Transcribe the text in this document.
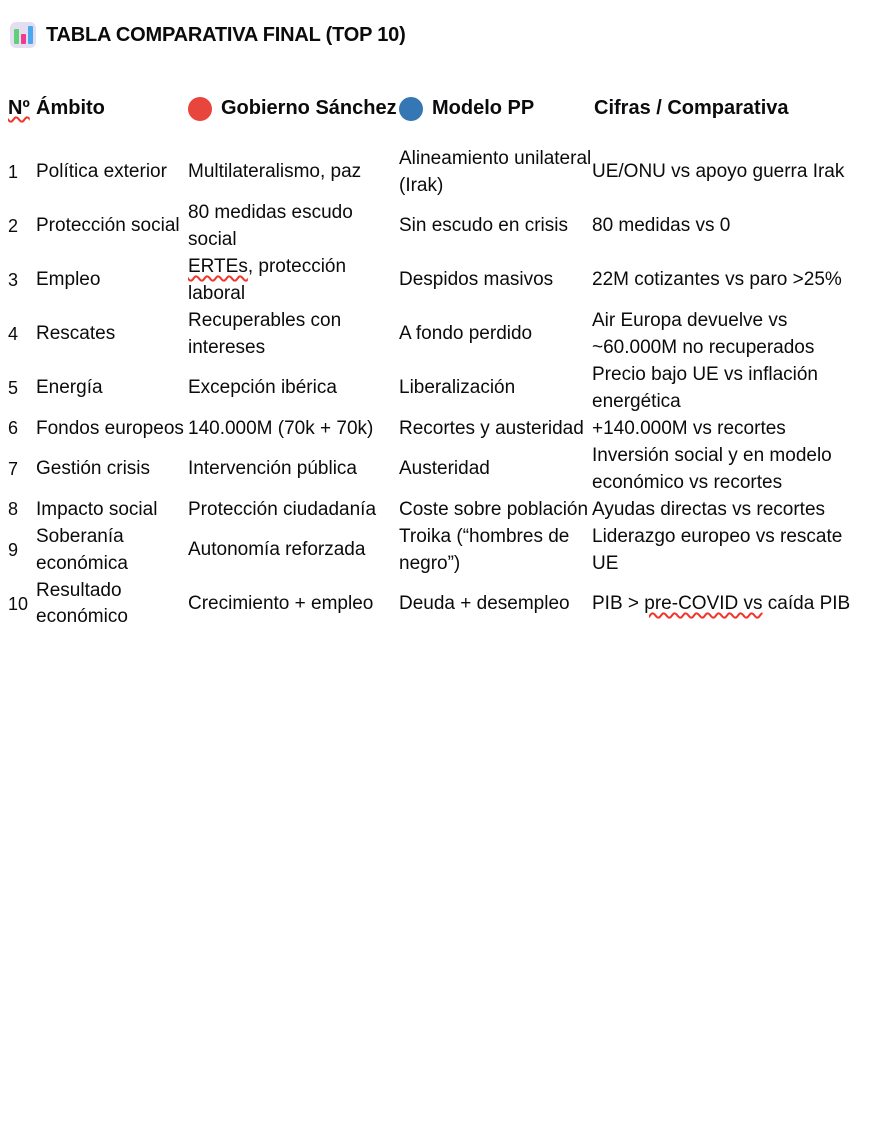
TABLA COMPARATIVA FINAL (TOP 10)
Nº	Ámbito	Gobierno Sánchez	Modelo PP	Cifras / Comparativa
1	Política exterior	Multilateralismo, paz	Alineamiento unilateral (Irak)	UE/ONU vs apoyo guerra Irak
2	Protección social	80 medidas escudo social	Sin escudo en crisis	80 medidas vs 0
3	Empleo	ERTEs, protección laboral	Despidos masivos	22M cotizantes vs paro >25%
4	Rescates	Recuperables con intereses	A fondo perdido	Air Europa devuelve vs ~60.000M no recuperados
5	Energía	Excepción ibérica	Liberalización	Precio bajo UE vs inflación energética
6	Fondos europeos	140.000M (70k + 70k)	Recortes y austeridad	+140.000M vs recortes
7	Gestión crisis	Intervención pública	Austeridad	Inversión social y en modelo económico vs recortes
8	Impacto social	Protección ciudadanía	Coste sobre población	Ayudas directas vs recortes
9	Soberanía económica	Autonomía reforzada	Troika (“hombres de negro”)	Liderazgo europeo vs rescate UE
10	Resultado económico	Crecimiento + empleo	Deuda + desempleo	PIB > pre-COVID vs caída PIB
